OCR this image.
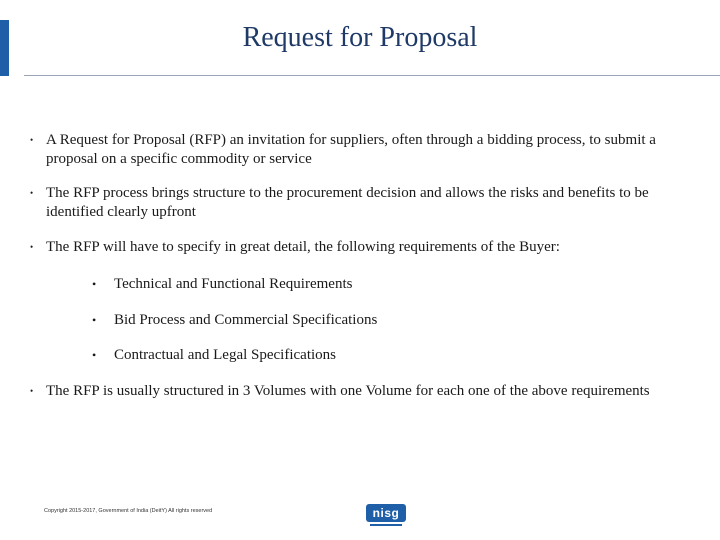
Request for Proposal
• A Request for Proposal (RFP) an invitation for suppliers, often through a bidding process, to submit a proposal on a specific commodity or service
• The RFP process brings structure to the procurement decision and allows the risks and benefits to be identified clearly upfront
• The RFP will have to specify in great detail, the following requirements of the Buyer:
•	Technical and Functional Requirements
•	Bid Process and Commercial Specifications
•	Contractual and Legal Specifications
• The RFP is usually structured in 3 Volumes with one Volume for each one of the above requirements
Copyright 2015-2017, Government of India (DeitY) All rights reserved	nisg
